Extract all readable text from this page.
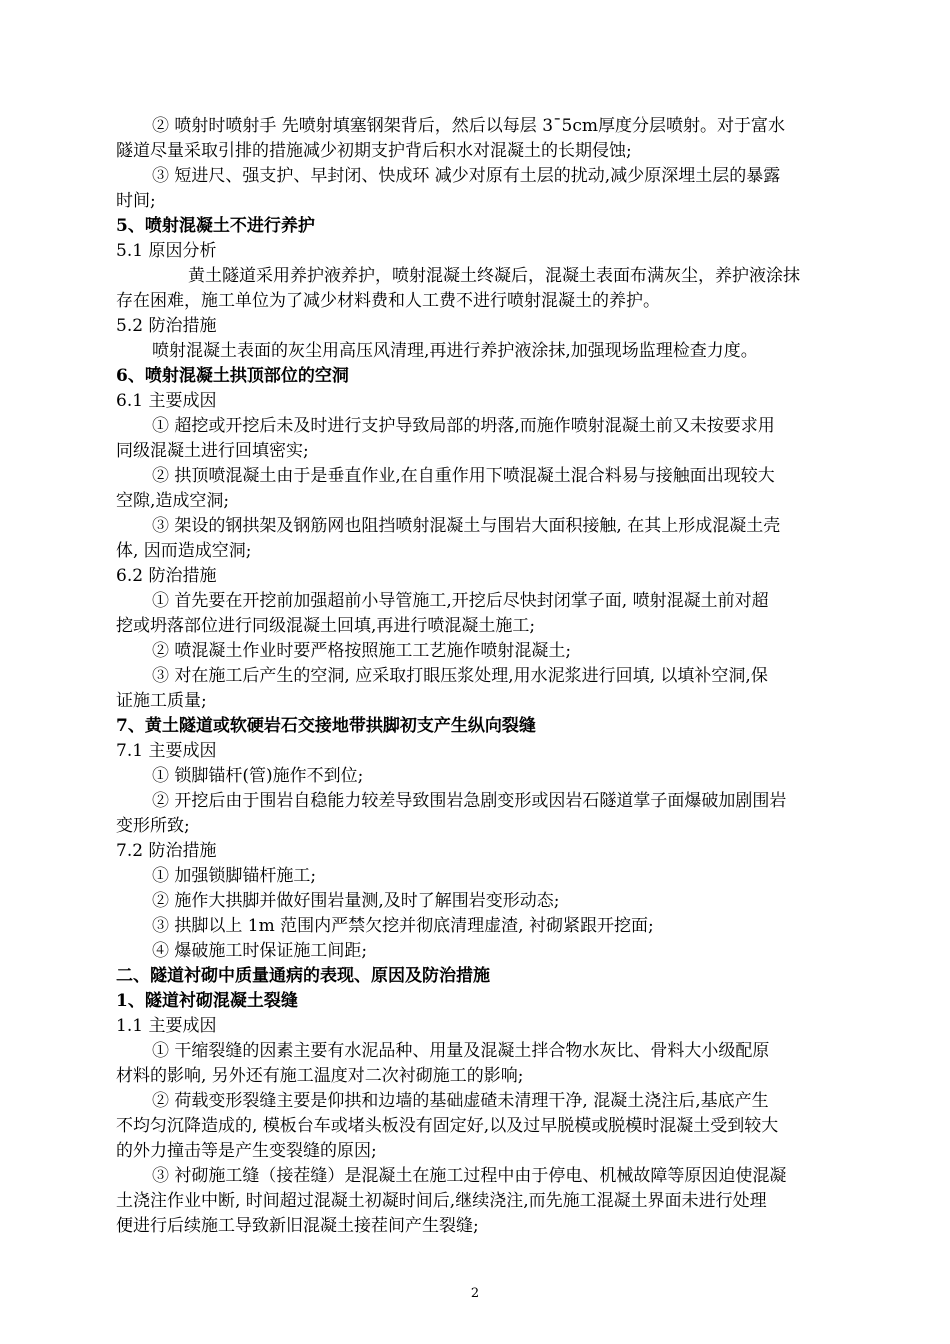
② 喷射时喷射手 先喷射填塞钢架背后，然后以每层 3¯5cm厚度分层喷射。对于富水
隧道尽量采取引排的措施减少初期支护背后积水对混凝土的长期侵蚀;
③ 短进尺、强支护、早封闭、快成环 减少对原有土层的扰动,减少原深埋土层的暴露
时间;
5、喷射混凝土不进行养护
5.1 原因分析
黄土隧道采用养护液养护，喷射混凝土终凝后，混凝土表面布满灰尘，养护液涂抹
存在困难，施工单位为了减少材料费和人工费不进行喷射混凝土的养护。
5.2 防治措施
喷射混凝土表面的灰尘用高压风清理,再进行养护液涂抹,加强现场监理检查力度。
6、喷射混凝土拱顶部位的空洞
6.1 主要成因
① 超挖或开挖后未及时进行支护导致局部的坍落,而施作喷射混凝土前又未按要求用
同级混凝土进行回填密实;
② 拱顶喷混凝土由于是垂直作业,在自重作用下喷混凝土混合料易与接触面出现较大
空隙,造成空洞;
③ 架设的钢拱架及钢筋网也阻挡喷射混凝土与围岩大面积接触, 在其上形成混凝土壳
体, 因而造成空洞;
6.2 防治措施
① 首先要在开挖前加强超前小导管施工,开挖后尽快封闭掌子面, 喷射混凝土前对超
挖或坍落部位进行同级混凝土回填,再进行喷混凝土施工;
② 喷混凝土作业时要严格按照施工工艺施作喷射混凝土;
③ 对在施工后产生的空洞, 应采取打眼压浆处理,用水泥浆进行回填, 以填补空洞,保
证施工质量;
7、黄土隧道或软硬岩石交接地带拱脚初支产生纵向裂缝
7.1 主要成因
① 锁脚锚杆(管)施作不到位;
② 开挖后由于围岩自稳能力较差导致围岩急剧变形或因岩石隧道掌子面爆破加剧围岩
变形所致;
7.2 防治措施
① 加强锁脚锚杆施工;
② 施作大拱脚并做好围岩量测,及时了解围岩变形动态;
③ 拱脚以上 1m 范围内严禁欠挖并彻底清理虚渣, 衬砌紧跟开挖面;
④ 爆破施工时保证施工间距;
二、隧道衬砌中质量通病的表现、原因及防治措施
1、隧道衬砌混凝土裂缝
1.1 主要成因
① 干缩裂缝的因素主要有水泥品种、用量及混凝土拌合物水灰比、骨料大小级配原
材料的影响, 另外还有施工温度对二次衬砌施工的影响;
② 荷载变形裂缝主要是仰拱和边墙的基础虚碴未清理干净, 混凝土浇注后,基底产生
不均匀沉降造成的, 模板台车或堵头板没有固定好,以及过早脱模或脱模时混凝土受到较大
的外力撞击等是产生变裂缝的原因;
③ 衬砌施工缝（接茬缝）是混凝土在施工过程中由于停电、机械故障等原因迫使混凝
土浇注作业中断, 时间超过混凝土初凝时间后,继续浇注,而先施工混凝土界面未进行处理
便进行后续施工导致新旧混凝土接茬间产生裂缝;
2
